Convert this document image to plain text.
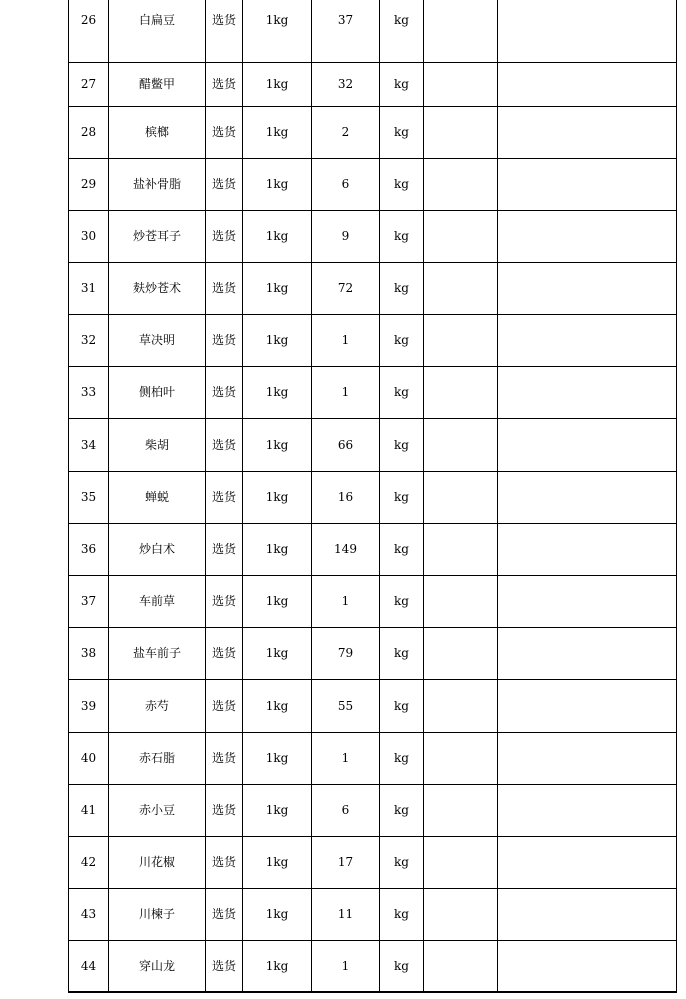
26	白扁豆	选货	1kg	37	kg		
27	醋鳖甲	选货	1kg	32	kg		
28	槟榔	选货	1kg	2	kg		
29	盐补骨脂	选货	1kg	6	kg		
30	炒苍耳子	选货	1kg	9	kg		
31	麸炒苍术	选货	1kg	72	kg		
32	草决明	选货	1kg	1	kg		
33	侧柏叶	选货	1kg	1	kg		
34	柴胡	选货	1kg	66	kg		
35	蝉蜕	选货	1kg	16	kg		
36	炒白术	选货	1kg	149	kg		
37	车前草	选货	1kg	1	kg		
38	盐车前子	选货	1kg	79	kg		
39	赤芍	选货	1kg	55	kg		
40	赤石脂	选货	1kg	1	kg		
41	赤小豆	选货	1kg	6	kg		
42	川花椒	选货	1kg	17	kg		
43	川楝子	选货	1kg	11	kg		
44	穿山龙	选货	1kg	1	kg		
